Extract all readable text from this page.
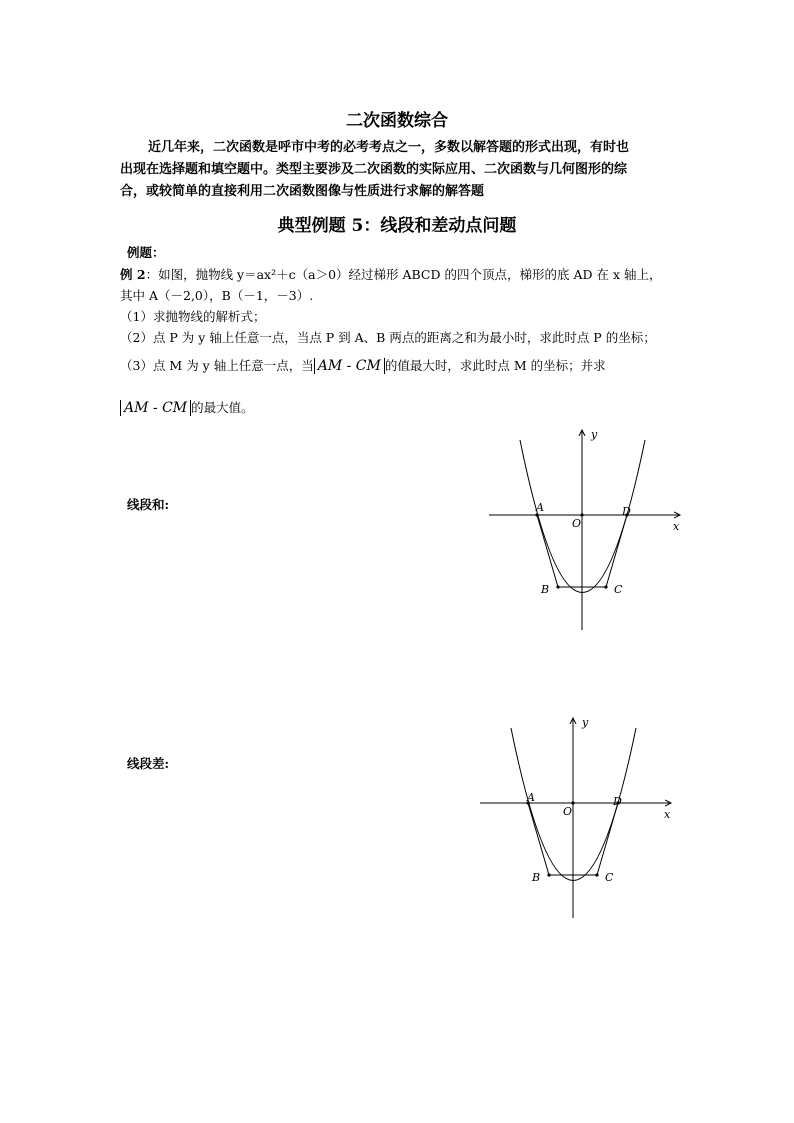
二次函数综合
近几年来，二次函数是呼市中考的必考考点之一，多数以解答题的形式出现，有时也
出现在选择题和填空题中。类型主要涉及二次函数的实际应用、二次函数与几何图形的综
合，或较简单的直接利用二次函数图像与性质进行求解的解答题
典型例题 5：线段和差动点问题
例题：
例 2：如图，抛物线 y＝ax²＋c（a＞0）经过梯形 ABCD 的四个顶点，梯形的底 AD 在 x 轴上，
其中 A（－2,0），B（－1，－3）.
（1）求抛物线的解析式；
（2）点 P 为 y 轴上任意一点，当点 P 到 A、B 两点的距离之和为最小时，求此时点 P 的坐标；
（3）点 M 为 y 轴上任意一点，当 AM - CM 的值最大时，求此时点 M 的坐标；并求
AM - CM 的最大值。
线段和:
线段差:
y
x
O
A	D
B	C
y
x
O
A	D
B	C
